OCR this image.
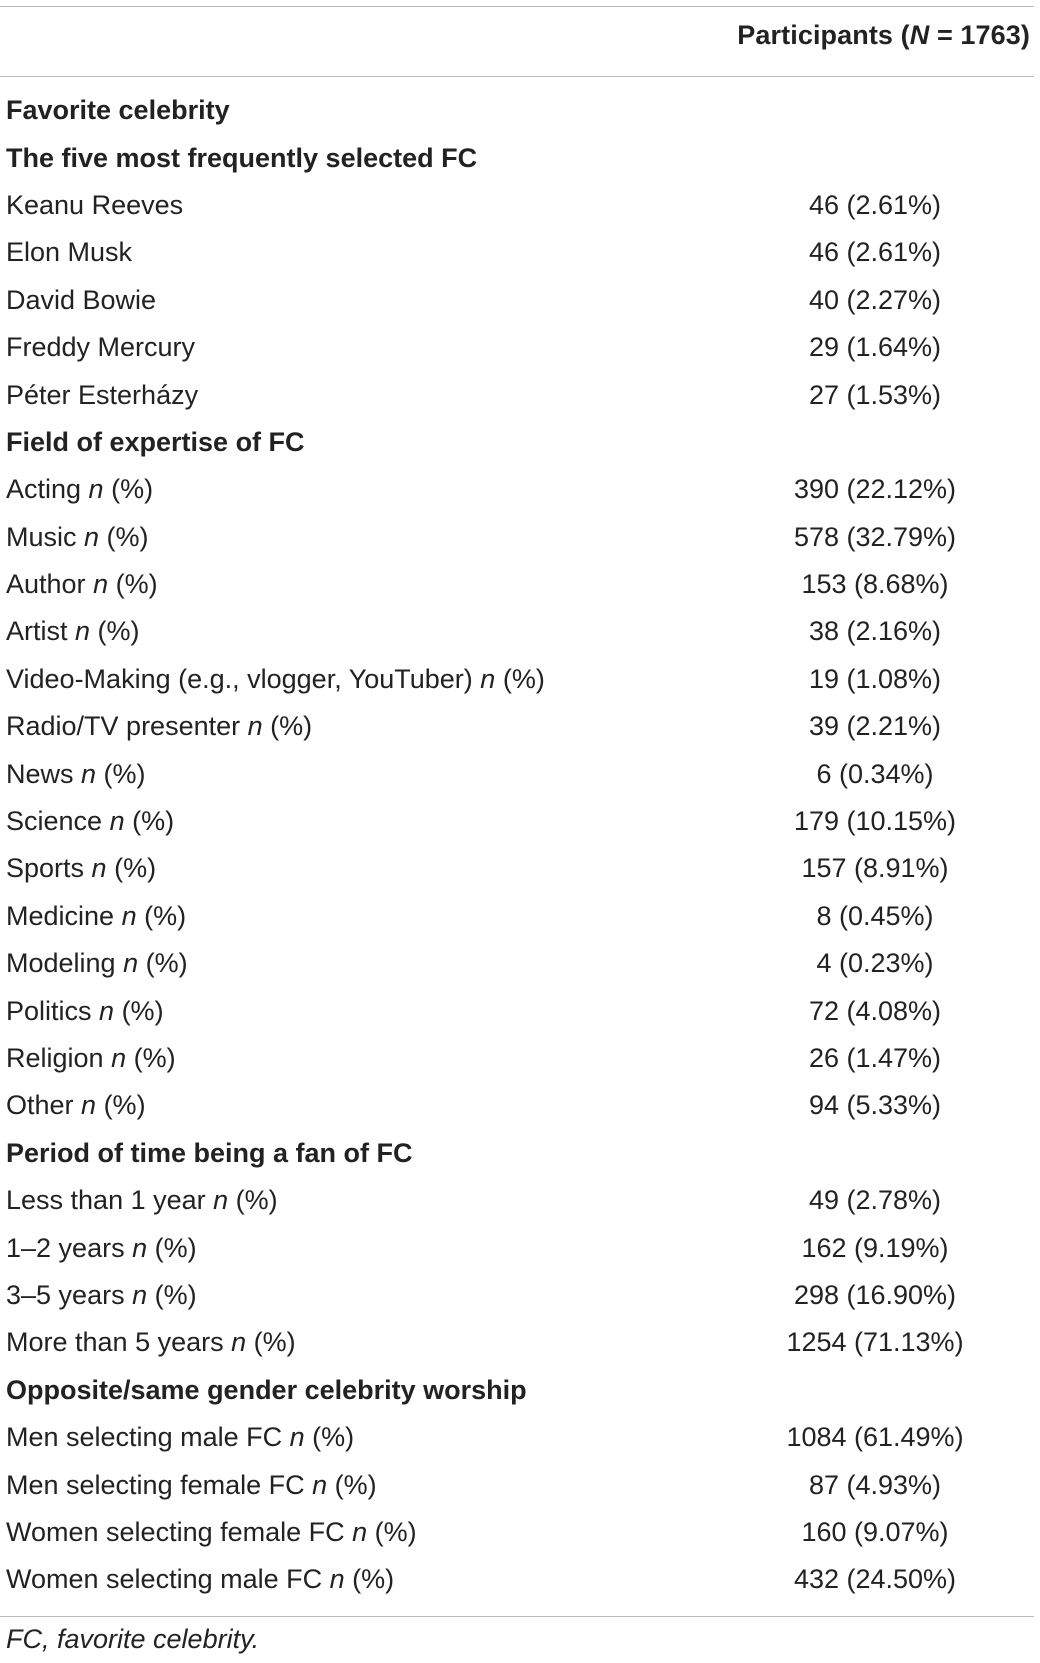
Participants (N = 1763)
Favorite celebrity
The five most frequently selected FC
Keanu Reeves	46 (2.61%)
Elon Musk	46 (2.61%)
David Bowie	40 (2.27%)
Freddy Mercury	29 (1.64%)
Péter Esterházy	27 (1.53%)
Field of expertise of FC
Acting n (%)	390 (22.12%)
Music n (%)	578 (32.79%)
Author n (%)	153 (8.68%)
Artist n (%)	38 (2.16%)
Video-Making (e.g., vlogger, YouTuber) n (%)	19 (1.08%)
Radio/TV presenter n (%)	39 (2.21%)
News n (%)	6 (0.34%)
Science n (%)	179 (10.15%)
Sports n (%)	157 (8.91%)
Medicine n (%)	8 (0.45%)
Modeling n (%)	4 (0.23%)
Politics n (%)	72 (4.08%)
Religion n (%)	26 (1.47%)
Other n (%)	94 (5.33%)
Period of time being a fan of FC
Less than 1 year n (%)	49 (2.78%)
1–2 years n (%)	162 (9.19%)
3–5 years n (%)	298 (16.90%)
More than 5 years n (%)	1254 (71.13%)
Opposite/same gender celebrity worship
Men selecting male FC n (%)	1084 (61.49%)
Men selecting female FC n (%)	87 (4.93%)
Women selecting female FC n (%)	160 (9.07%)
Women selecting male FC n (%)	432 (24.50%)
FC, favorite celebrity.
